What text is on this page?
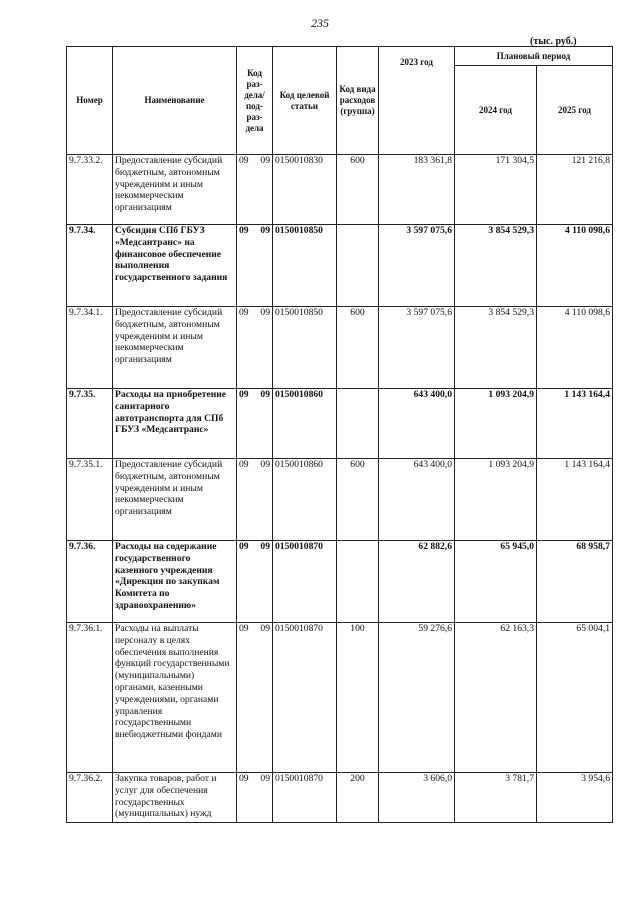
235
(тыс. руб.)
Номер	Наименование	Код раз-дела/ под-раз-дела	Код целевой статьи	Код вида расходов (группа)	2023 год	Плановый период	
						2024 год	2025 год
9.7.33.2.	Предоставление субсидий бюджетным, автономным учреждениям и иным некоммерческим организациям	09 09	0150010830	600	183 361,8	171 304,5	121 216,8
9.7.34.	Субсидия СПб ГБУЗ «Медсантранс» на финансовое обеспечение выполнения государственного задания	09 09	0150010850		3 597 075,6	3 854 529,3	4 110 098,6
9.7.34.1.	Предоставление субсидий бюджетным, автономным учреждениям и иным некоммерческим организациям	09 09	0150010850	600	3 597 075,6	3 854 529,3	4 110 098,6
9.7.35.	Расходы на приобретение санитарного автотранспорта для СПб ГБУЗ «Медсантранс»	09 09	0150010860		643 400,0	1 093 204,9	1 143 164,4
9.7.35.1.	Предоставление субсидий бюджетным, автономным учреждениям и иным некоммерческим организациям	09 09	0150010860	600	643 400,0	1 093 204,9	1 143 164,4
9.7.36.	Расходы на содержание государственного казенного учреждения «Дирекция по закупкам Комитета по здравоохранению»	09 09	0150010870		62 882,6	65 945,0	68 958,7
9.7.36.1.	Расходы на выплаты персоналу в целях обеспечения выполнения функций государственными (муниципальными) органами, казенными учреждениями, органами управления государственными внебюджетными фондами	09 09	0150010870	100	59 276,6	62 163,3	65 004,1
9.7.36.2.	Закупка товаров, работ и услуг для обеспечения государственных (муниципальных) нужд	09 09	0150010870	200	3 606,0	3 781,7	3 954,6
